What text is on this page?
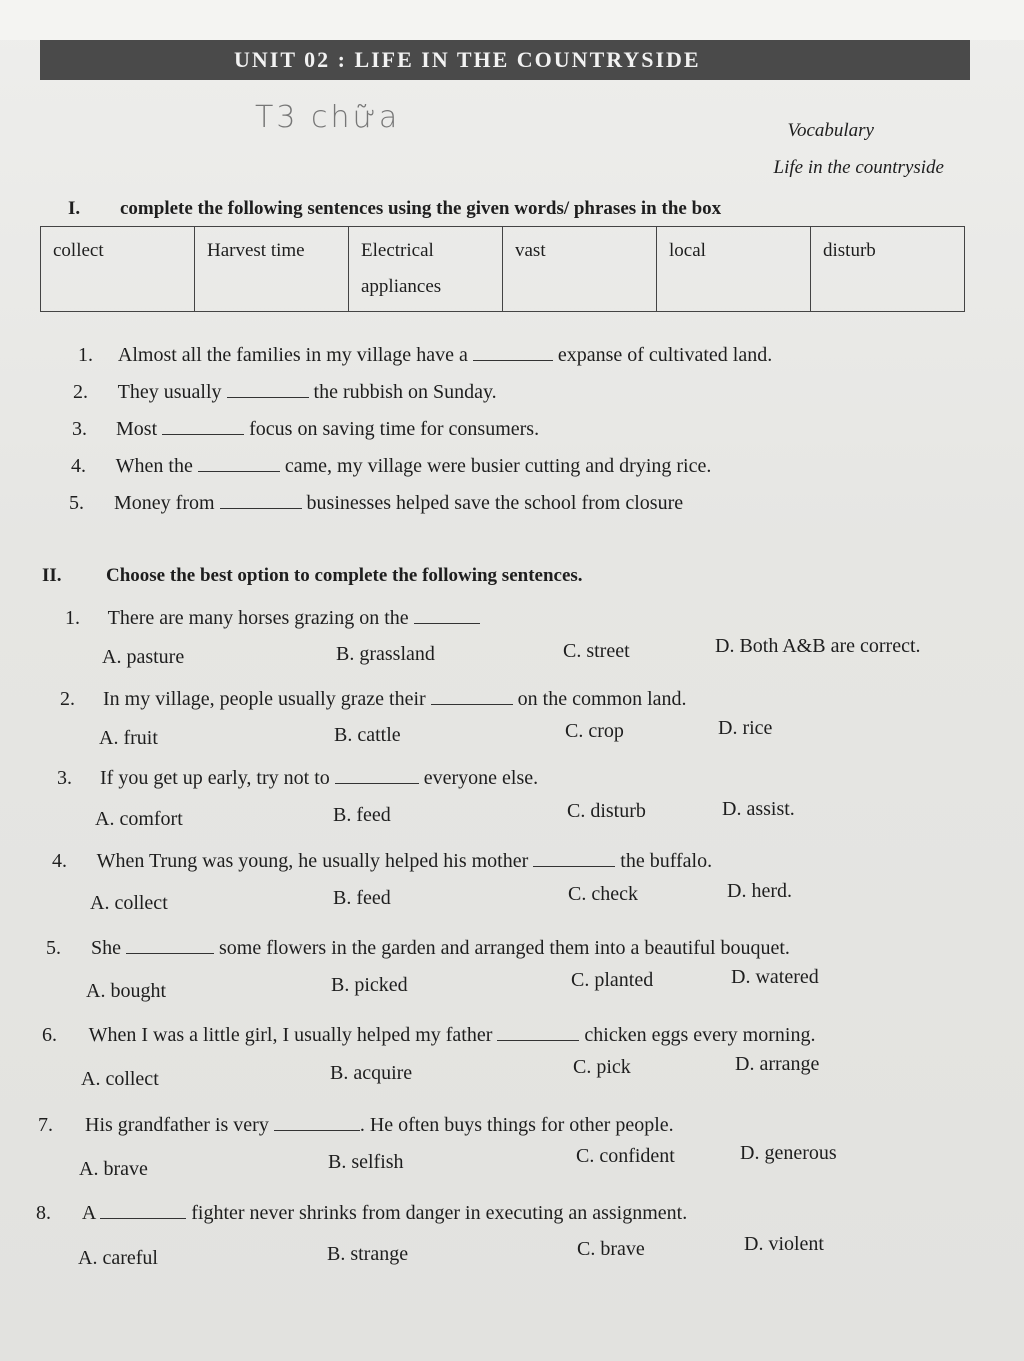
UNIT 02 : LIFE IN THE COUNTRYSIDE
T3 chữa	Vocabulary
Life in the countryside
I. complete the following sentences using the given words/ phrases in the box
collect	Harvest time	Electrical appliances	vast	local	disturb
1. Almost all the families in my village have a	expanse of cultivated land.
2. They usually	the rubbish on Sunday.
3. Most	focus on saving time for consumers.
4. When the	came, my village were busier cutting and drying rice.
5. Money from	businesses helped save the school from closure
II. Choose the best option to complete the following sentences.
1. There are many horses grazing on the
A. pasture	B. grassland	C. street	D. Both A&B are correct.
2. In my village, people usually graze their	on the common land.
A. fruit	B. cattle	C. crop	D. rice
3. If you get up early, try not to	everyone else.
A. comfort	B. feed	C. disturb	D. assist.
4. When Trung was young, he usually helped his mother	the buffalo.
A. collect	B. feed	C. check	D. herd.
5. She	some flowers in the garden and arranged them into a beautiful bouquet.
A. bought	B. picked	C. planted	D. watered
6. When I was a little girl, I usually helped my father	chicken eggs every morning.
A. collect	B. acquire	C. pick	D. arrange
7. His grandfather is very	. He often buys things for other people.
A. brave	B. selfish	C. confident	D. generous
8. A	fighter never shrinks from danger in executing an assignment.
A. careful	B. strange	C. brave	D. violent
